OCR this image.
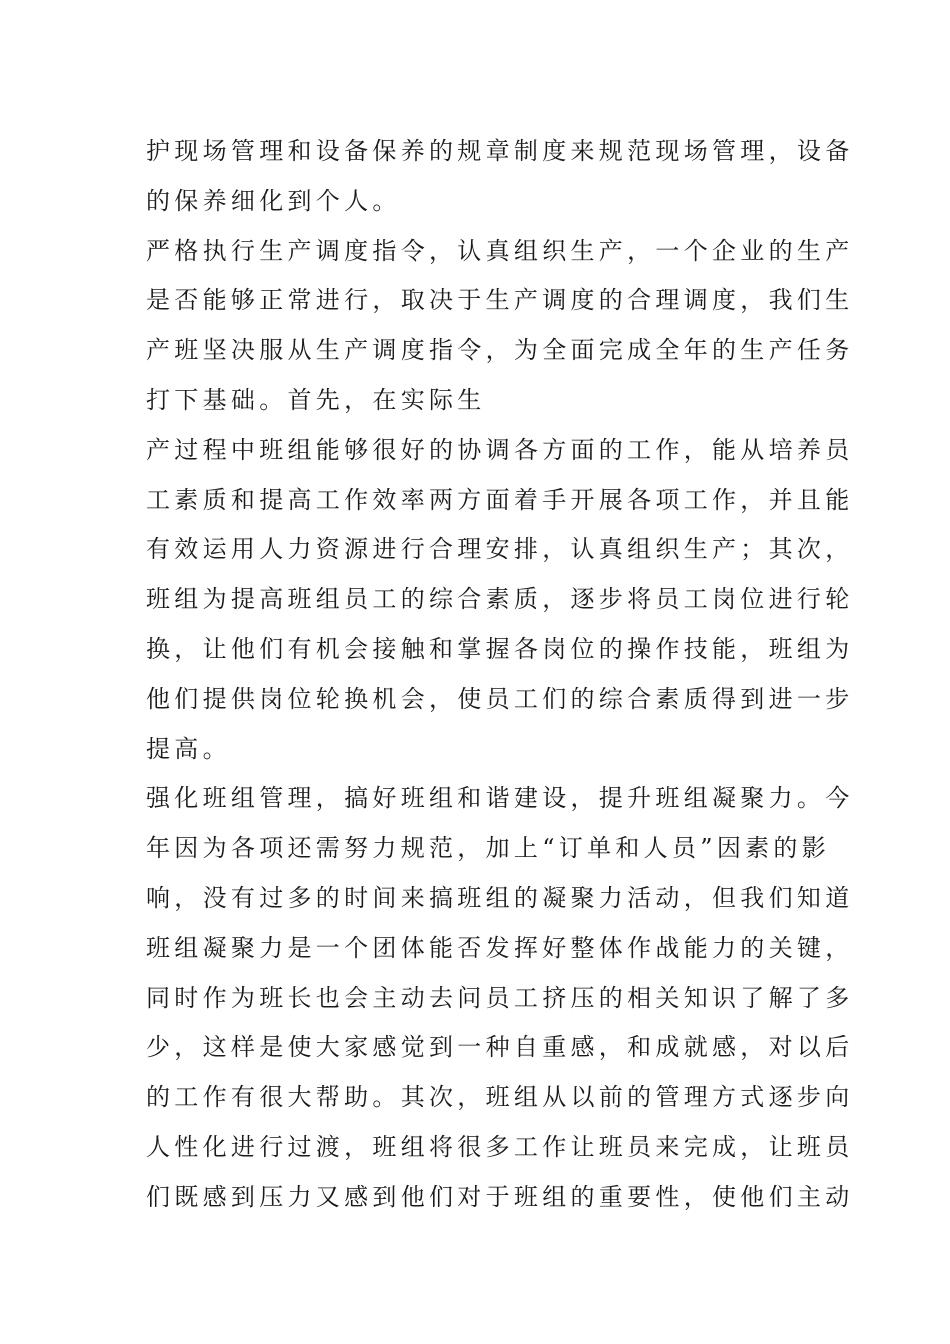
护现场管理和设备保养的规章制度来规范现场管理，设备
的保养细化到个人。
严格执行生产调度指令，认真组织生产，一个企业的生产
是否能够正常进行，取决于生产调度的合理调度，我们生
产班坚决服从生产调度指令，为全面完成全年的生产任务
打下基础。首先，在实际生
产过程中班组能够很好的协调各方面的工作，能从培养员
工素质和提高工作效率两方面着手开展各项工作，并且能
有效运用人力资源进行合理安排，认真组织生产；其次，
班组为提高班组员工的综合素质，逐步将员工岗位进行轮
换，让他们有机会接触和掌握各岗位的操作技能，班组为
他们提供岗位轮换机会，使员工们的综合素质得到进一步
提高。
强化班组管理，搞好班组和谐建设，提升班组凝聚力。今
年因为各项还需努力规范，加上“订单和人员”因素的影
响，没有过多的时间来搞班组的凝聚力活动，但我们知道
班组凝聚力是一个团体能否发挥好整体作战能力的关键，
同时作为班长也会主动去问员工挤压的相关知识了解了多
少，这样是使大家感觉到一种自重感，和成就感，对以后
的工作有很大帮助。其次，班组从以前的管理方式逐步向
人性化进行过渡，班组将很多工作让班员来完成，让班员
们既感到压力又感到他们对于班组的重要性，使他们主动
